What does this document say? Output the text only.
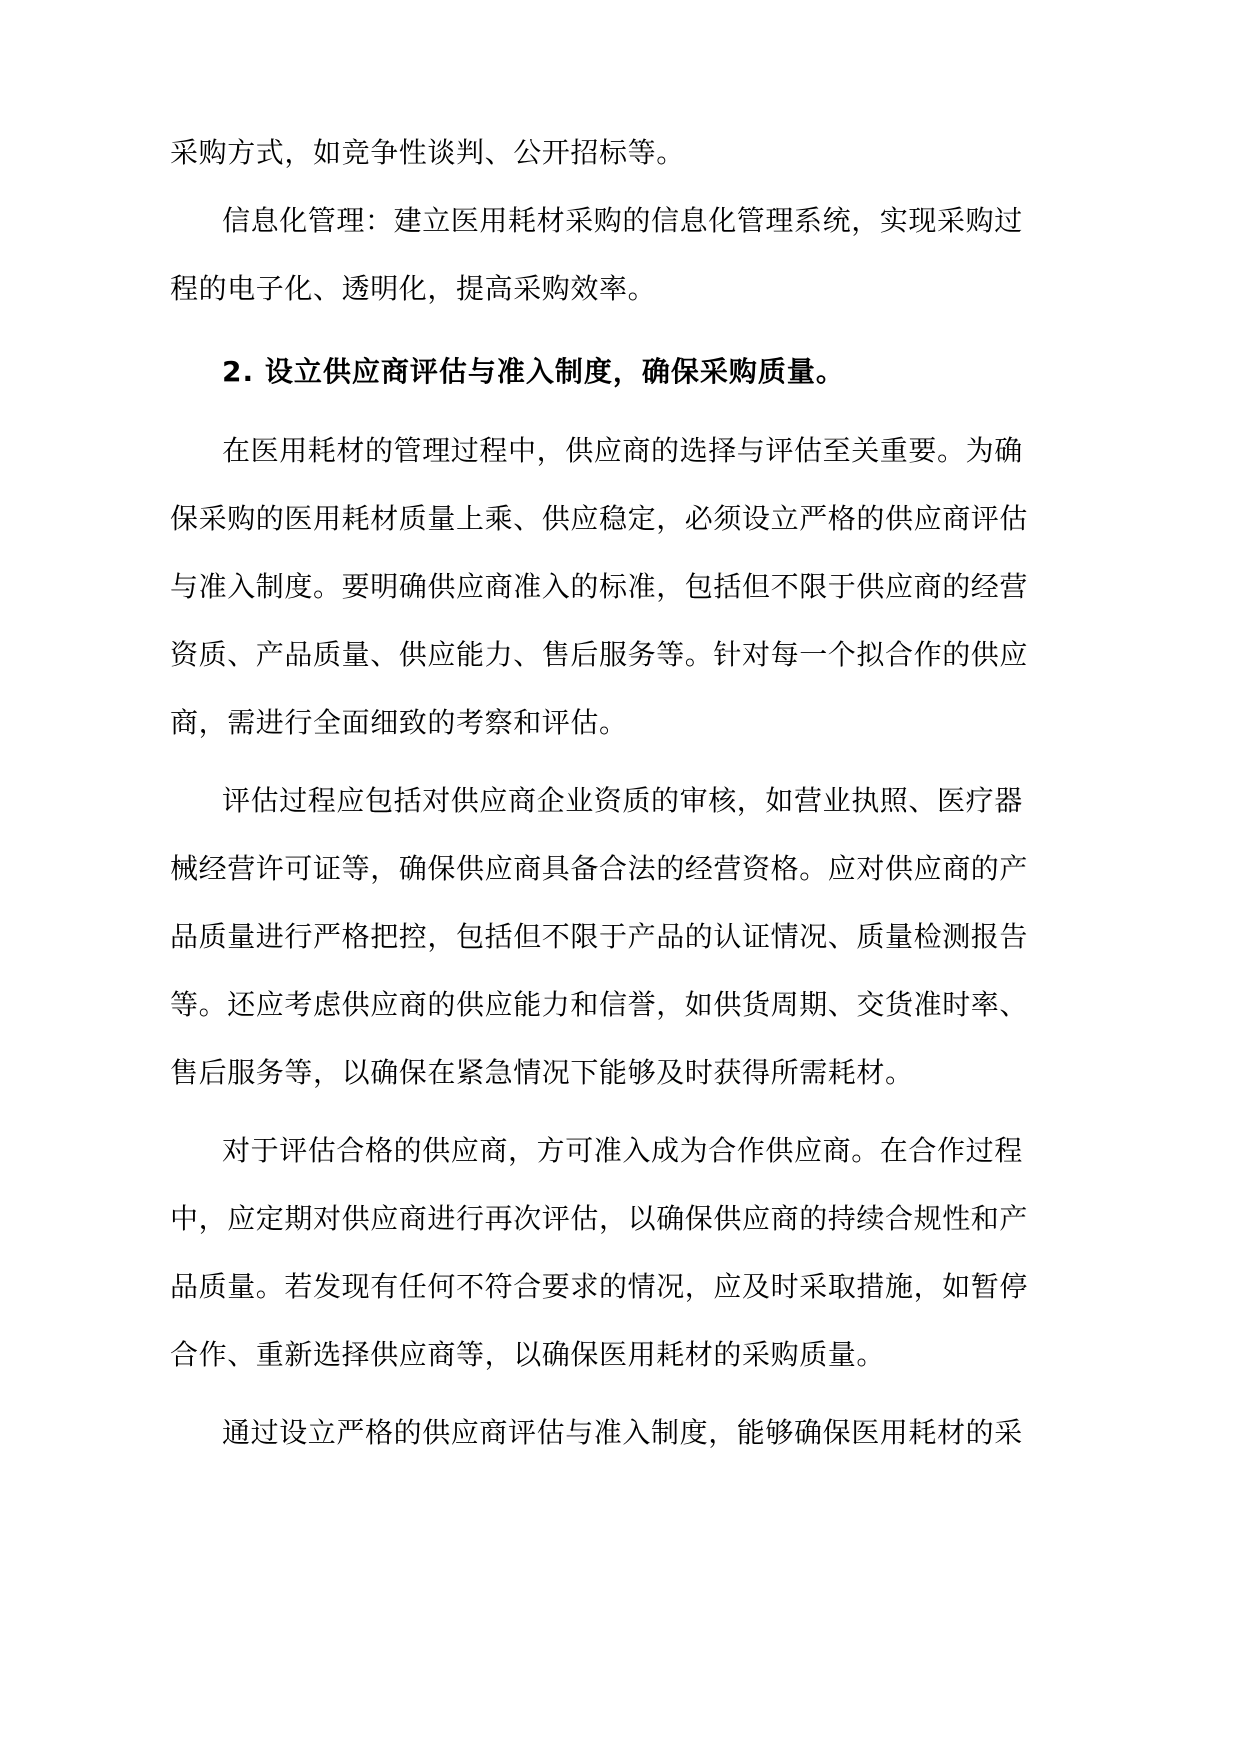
采购方式，如竞争性谈判、公开招标等。
信息化管理：建立医用耗材采购的信息化管理系统，实现采购过
程的电子化、透明化，提高采购效率。
2. 设立供应商评估与准入制度，确保采购质量。
在医用耗材的管理过程中，供应商的选择与评估至关重要。为确
保采购的医用耗材质量上乘、供应稳定，必须设立严格的供应商评估
与准入制度。要明确供应商准入的标准，包括但不限于供应商的经营
资质、产品质量、供应能力、售后服务等。针对每一个拟合作的供应
商，需进行全面细致的考察和评估。
评估过程应包括对供应商企业资质的审核，如营业执照、医疗器
械经营许可证等，确保供应商具备合法的经营资格。应对供应商的产
品质量进行严格把控，包括但不限于产品的认证情况、质量检测报告
等。还应考虑供应商的供应能力和信誉，如供货周期、交货准时率、
售后服务等，以确保在紧急情况下能够及时获得所需耗材。
对于评估合格的供应商，方可准入成为合作供应商。在合作过程
中，应定期对供应商进行再次评估，以确保供应商的持续合规性和产
品质量。若发现有任何不符合要求的情况，应及时采取措施，如暂停
合作、重新选择供应商等，以确保医用耗材的采购质量。
通过设立严格的供应商评估与准入制度，能够确保医用耗材的采
